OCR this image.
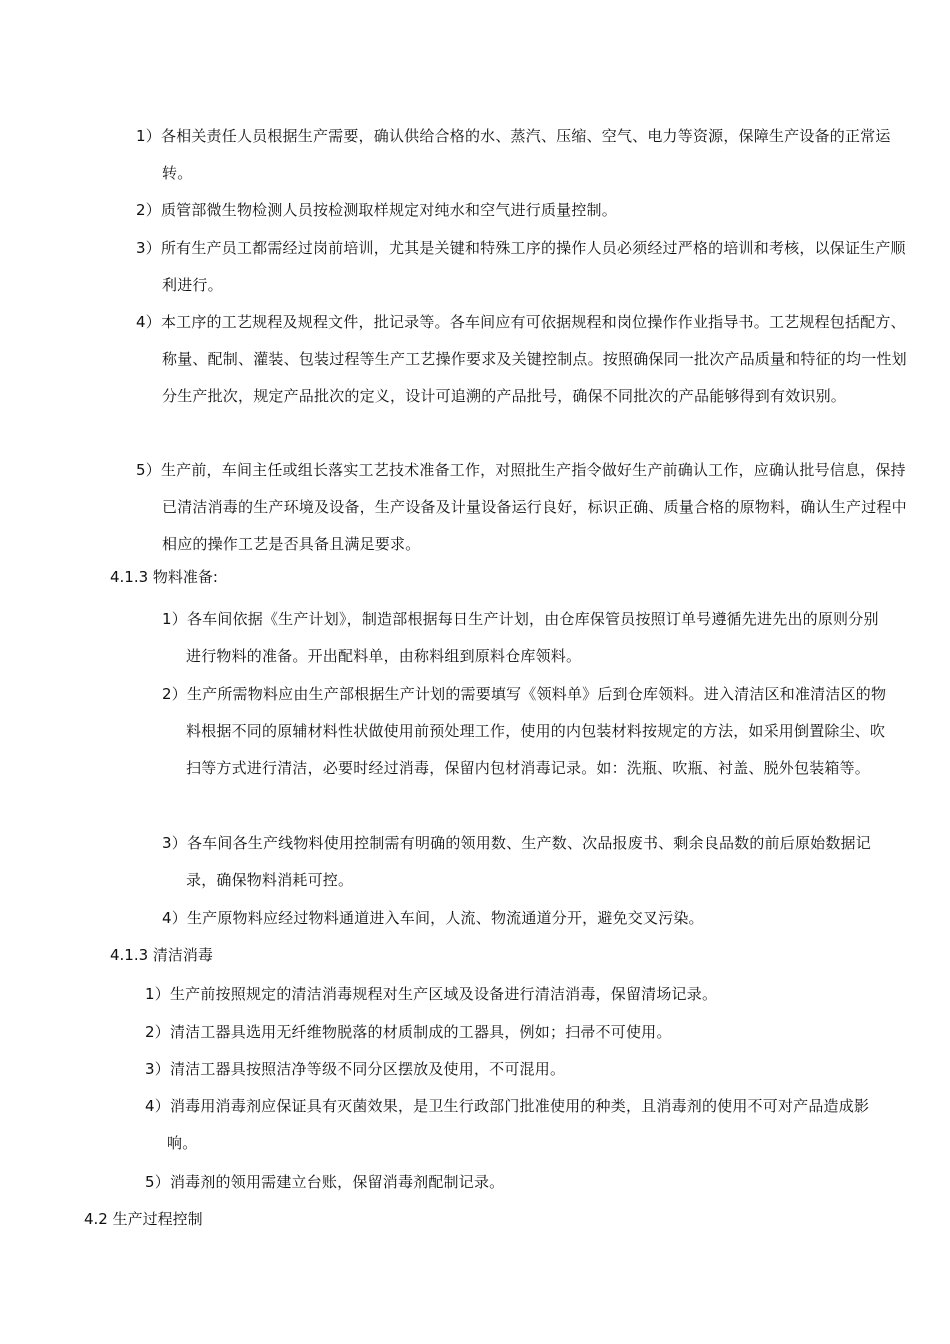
1）各相关责任人员根据生产需要，确认供给合格的水、蒸汽、压缩、空气、电力等资源，保障生产设备的正常运转。
2）质管部微生物检测人员按检测取样规定对纯水和空气进行质量控制。
3）所有生产员工都需经过岗前培训，尤其是关键和特殊工序的操作人员必须经过严格的培训和考核，以保证生产顺利进行。
4）本工序的工艺规程及规程文件，批记录等。各车间应有可依据规程和岗位操作作业指导书。工艺规程包括配方、称量、配制、灌装、包装过程等生产工艺操作要求及关键控制点。按照确保同一批次产品质量和特征的均一性划分生产批次，规定产品批次的定义，设计可追溯的产品批号，确保不同批次的产品能够得到有效识别。
5）生产前，车间主任或组长落实工艺技术准备工作，对照批生产指令做好生产前确认工作，应确认批号信息，保持已清洁消毒的生产环境及设备，生产设备及计量设备运行良好，标识正确、质量合格的原物料，确认生产过程中相应的操作工艺是否具备且满足要求。
4.1.3 物料准备:
1）各车间依据《生产计划》，制造部根据每日生产计划，由仓库保管员按照订单号遵循先进先出的原则分别进行物料的准备。开出配料单，由称料组到原料仓库领料。
2）生产所需物料应由生产部根据生产计划的需要填写《领料单》后到仓库领料。进入清洁区和准清洁区的物料根据不同的原辅材料性状做使用前预处理工作，使用的内包装材料按规定的方法，如采用倒置除尘、吹扫等方式进行清洁，必要时经过消毒，保留内包材消毒记录。如：洗瓶、吹瓶、衬盖、脱外包装箱等。
3）各车间各生产线物料使用控制需有明确的领用数、生产数、次品报废书、剩余良品数的前后原始数据记录，确保物料消耗可控。
4）生产原物料应经过物料通道进入车间，人流、物流通道分开，避免交叉污染。
4.1.3 清洁消毒
1）生产前按照规定的清洁消毒规程对生产区域及设备进行清洁消毒，保留清场记录。
2）清洁工器具选用无纤维物脱落的材质制成的工器具，例如；扫帚不可使用。
3）清洁工器具按照洁净等级不同分区摆放及使用，不可混用。
4）消毒用消毒剂应保证具有灭菌效果，是卫生行政部门批准使用的种类，且消毒剂的使用不可对产品造成影响。
5）消毒剂的领用需建立台账，保留消毒剂配制记录。
4.2 生产过程控制
